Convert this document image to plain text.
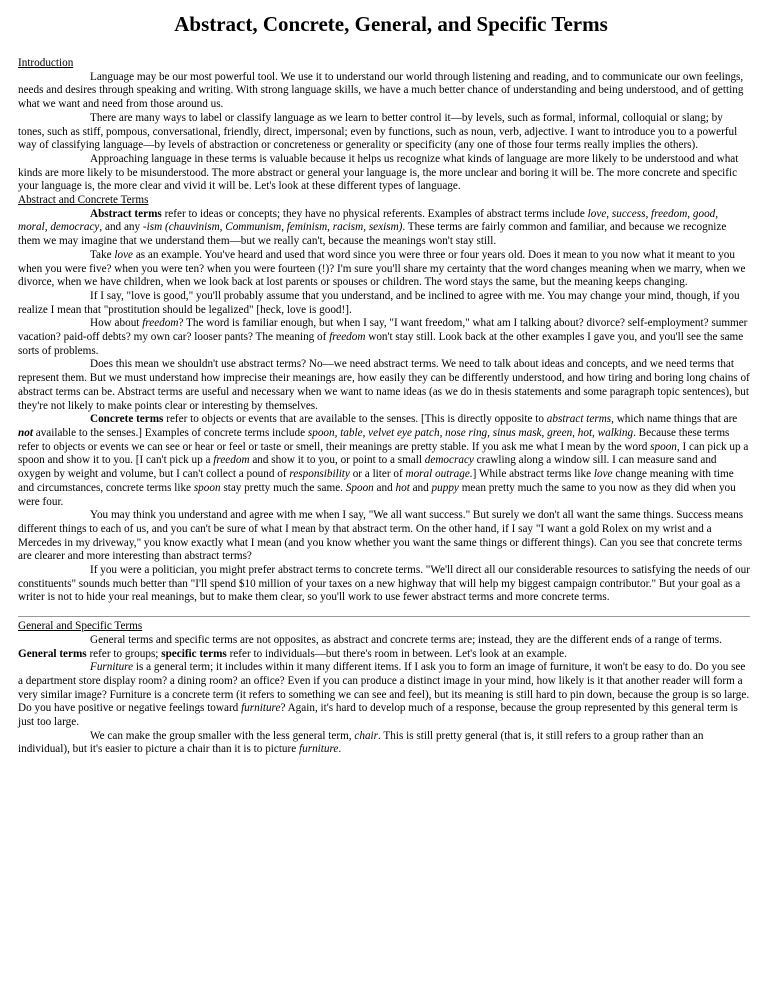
Abstract, Concrete, General, and Specific Terms
Introduction

Language may be our most powerful tool. We use it to understand our world through listening and reading, and to communicate our own feelings, needs and desires through speaking and writing. With strong language skills, we have a much better chance of understanding and being understood, and of getting what we want and need from those around us.

There are many ways to label or classify language as we learn to better control it—by levels, such as formal, informal, colloquial or slang; by tones, such as stiff, pompous, conversational, friendly, direct, impersonal; even by functions, such as noun, verb, adjective. I want to introduce you to a powerful way of classifying language—by levels of abstraction or concreteness or generality or specificity (any one of those four terms really implies the others).

Approaching language in these terms is valuable because it helps us recognize what kinds of language are more likely to be understood and what kinds are more likely to be misunderstood. The more abstract or general your language is, the more unclear and boring it will be. The more concrete and specific your language is, the more clear and vivid it will be. Let's look at these different types of language.

Abstract and Concrete Terms

Abstract terms refer to ideas or concepts; they have no physical referents. Examples of abstract terms include love, success, freedom, good, moral, democracy, and any -ism (chauvinism, Communism, feminism, racism, sexism). These terms are fairly common and familiar, and because we recognize them we may imagine that we understand them—but we really can't, because the meanings won't stay still.

Take love as an example. You've heard and used that word since you were three or four years old. Does it mean to you now what it meant to you when you were five? when you were ten? when you were fourteen (!)? I'm sure you'll share my certainty that the word changes meaning when we marry, when we divorce, when we have children, when we look back at lost parents or spouses or children. The word stays the same, but the meaning keeps changing.

If I say, "love is good," you'll probably assume that you understand, and be inclined to agree with me. You may change your mind, though, if you realize I mean that "prostitution should be legalized" [heck, love is good!].

How about freedom? The word is familiar enough, but when I say, "I want freedom," what am I talking about? divorce? self-employment? summer vacation? paid-off debts? my own car? looser pants? The meaning of freedom won't stay still. Look back at the other examples I gave you, and you'll see the same sorts of problems.

Does this mean we shouldn't use abstract terms? No—we need abstract terms. We need to talk about ideas and concepts, and we need terms that represent them. But we must understand how imprecise their meanings are, how easily they can be differently understood, and how tiring and boring long chains of abstract terms can be. Abstract terms are useful and necessary when we want to name ideas (as we do in thesis statements and some paragraph topic sentences), but they're not likely to make points clear or interesting by themselves.

Concrete terms refer to objects or events that are available to the senses. [This is directly opposite to abstract terms, which name things that are not available to the senses.] Examples of concrete terms include spoon, table, velvet eye patch, nose ring, sinus mask, green, hot, walking. Because these terms refer to objects or events we can see or hear or feel or taste or smell, their meanings are pretty stable. If you ask me what I mean by the word spoon, I can pick up a spoon and show it to you. [I can't pick up a freedom and show it to you, or point to a small democracy crawling along a window sill. I can measure sand and oxygen by weight and volume, but I can't collect a pound of responsibility or a liter of moral outrage.] While abstract terms like love change meaning with time and circumstances, concrete terms like spoon stay pretty much the same. Spoon and hot and puppy mean pretty much the same to you now as they did when you were four.

You may think you understand and agree with me when I say, "We all want success." But surely we don't all want the same things. Success means different things to each of us, and you can't be sure of what I mean by that abstract term. On the other hand, if I say "I want a gold Rolex on my wrist and a Mercedes in my driveway," you know exactly what I mean (and you know whether you want the same things or different things). Can you see that concrete terms are clearer and more interesting than abstract terms?

If you were a politician, you might prefer abstract terms to concrete terms. "We'll direct all our considerable resources to satisfying the needs of our constituents" sounds much better than "I'll spend $10 million of your taxes on a new highway that will help my biggest campaign contributor." But your goal as a writer is not to hide your real meanings, but to make them clear, so you'll work to use fewer abstract terms and more concrete terms.

General and Specific Terms

General terms and specific terms are not opposites, as abstract and concrete terms are; instead, they are the different ends of a range of terms. General terms refer to groups; specific terms refer to individuals—but there's room in between. Let's look at an example.

Furniture is a general term; it includes within it many different items. If I ask you to form an image of furniture, it won't be easy to do. Do you see a department store display room? a dining room? an office? Even if you can produce a distinct image in your mind, how likely is it that another reader will form a very similar image? Furniture is a concrete term (it refers to something we can see and feel), but its meaning is still hard to pin down, because the group is so large. Do you have positive or negative feelings toward furniture? Again, it's hard to develop much of a response, because the group represented by this general term is just too large.

We can make the group smaller with the less general term, chair. This is still pretty general (that is, it still refers to a group rather than an individual), but it's easier to picture a chair than it is to picture furniture.
